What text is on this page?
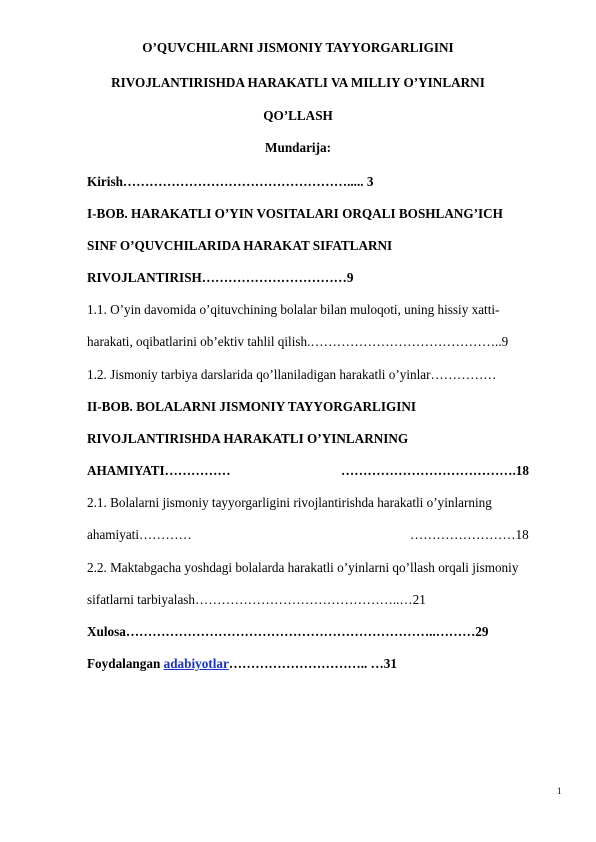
O’QUVCHILARNI JISMONIY TAYYORGARLIGINI
RIVOJLANTIRISHDA HARAKATLI VA MILLIY O’YINLARNI
QO’LLASH
Mundarija:
Kirish……………………………………………..... 3
I-BOB. HARAKATLI O’YIN VOSITALARI ORQALI BOSHLANG’ICH
SINF O’QUVCHILARIDA HARAKAT SIFATLARNI
RIVOJLANTIRISH……………………………9
1.1. O’yin davomida o’qituvchining bolalar bilan muloqoti, uning hissiy xatti-
harakati, oqibatlarini ob’ektiv tahlil qilish.……………………………………..9
1.2. Jismoniy tarbiya darslarida qo’llaniladigan harakatli o’yinlar……………
II-BOB. BOLALARNI JISMONIY TAYYORGARLIGINI
RIVOJLANTIRISHDA HARAKATLI O’YINLARNING
AHAMIYATI……………	………………………………….18
2.1. Bolalarni jismoniy tayyorgarligini rivojlantirishda harakatli o’yinlarning
ahamiyati…………	……………………18
2.2. Maktabgacha yoshdagi bolalarda harakatli o’yinlarni qo’llash orqali jismoniy
sifatlarni tarbiyalash………………………………………..…21
Xulosa……………………………………………………………..………29
Foydalangan adabiyotlar………………………….. …31
1
